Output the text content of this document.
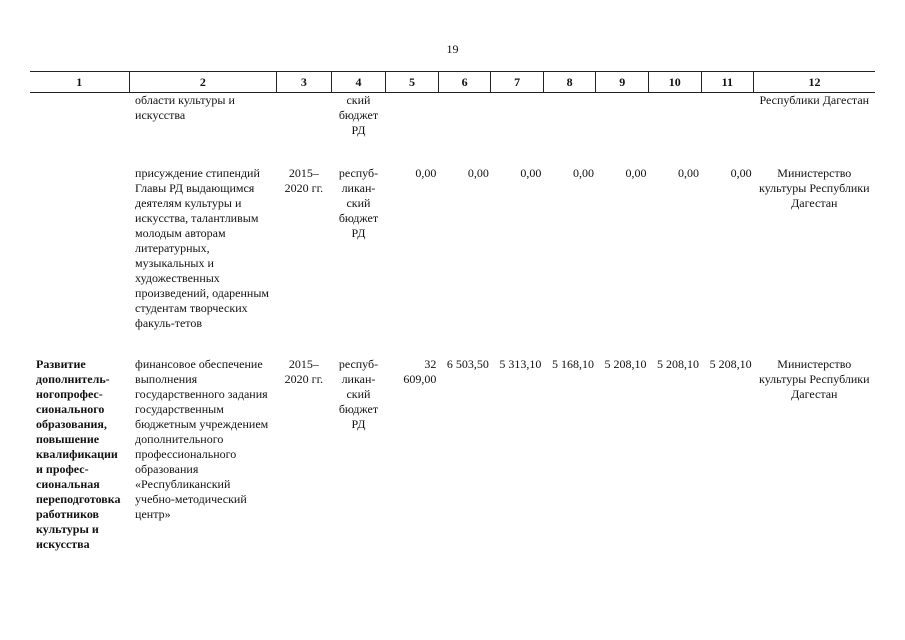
19
1	2	3	4	5	6	7	8	9	10	11	12
	области культуры и искусства		ский бюджет РД								Республики Дагестан

	присуждение стипендий Главы РД выдающимся деятелям культуры и искусства, талантливым молодым авторам литературных, музыкальных и художественных произведений, одаренным студентам творческих факуль-тетов	2015–2020 гг.	респуб-ликан-ский бюджет РД	0,00	0,00	0,00	0,00	0,00	0,00	0,00	Министерство культуры Республики Дагестан

Развитие дополнитель-ногопрофес-сионального образования, повышение квалификации и профес-сиональная переподготовка работников культуры и искусства	финансовое обеспечение выполнения государственного задания государственным бюджетным учреждением дополнительного профессионального образования «Республиканский учебно-методический центр»	2015–2020 гг.	респуб-ликан-ский бюджет РД	32 609,00	6 503,50	5 313,10	5 168,10	5 208,10	5 208,10	5 208,10	Министерство культуры Республики Дагестан
